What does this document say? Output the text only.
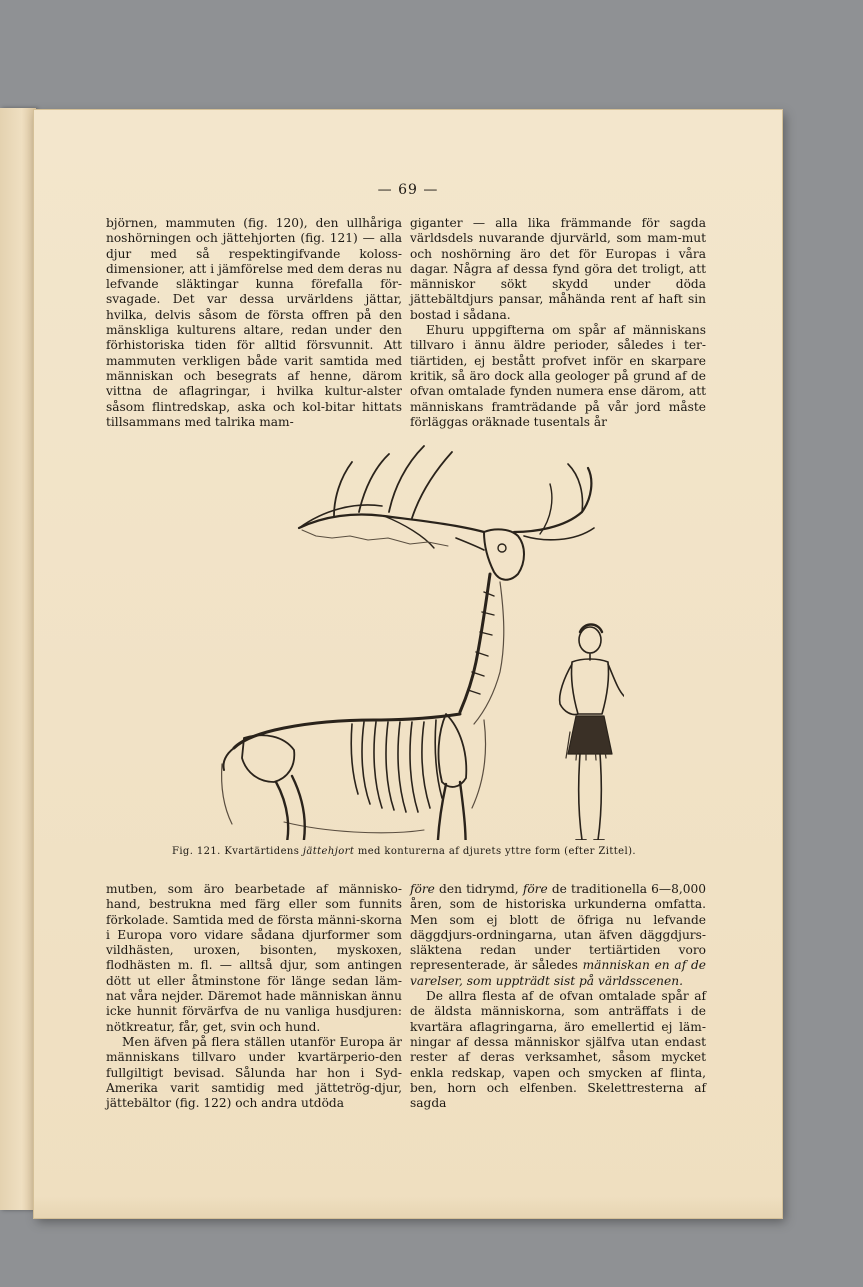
— 69 —

björnen, mammuten (fig. 120), den ullhåriga noshörningen och jättehjorten (fig. 121) — alla djur med så respektingifvande koloss-dimensioner, att i jämförelse med dem deras nu lefvande släktingar kunna förefalla för-svagade. Det var dessa urvärldens jättar, hvilka, delvis såsom de första offren på den mänskliga kulturens altare, redan under den förhistoriska tiden för alltid försvunnit. Att mammuten verkligen både varit samtida med människan och besegrats af henne, därom vittna de aflagringar, i hvilka kultur-alster såsom flintredskap, aska och kol-bitar hittats tillsammans med talrika mam-

giganter — alla lika främmande för sagda världsdels nuvarande djurvärld, som mam-mut och noshörning äro det för Europas i våra dagar. Några af dessa fynd göra det troligt, att människor sökt skydd under döda jättebältdjurs pansar, måhända rent af haft sin bostad i sådana.

Ehuru uppgifterna om spår af människans tillvaro i ännu äldre perioder, således i ter-tiärtiden, ej bestått profvet inför en skarpare kritik, så äro dock alla geologer på grund af de ofvan omtalade fynden numera ense därom, att människans framträdande på vår jord måste förläggas oräknade tusentals år

Fig. 121. Kvartärtidens jättehjort med konturerna af djurets yttre form (efter Zittel).

mutben, som äro bearbetade af människo-hand, bestrukna med färg eller som funnits förkolade. Samtida med de första männi-skorna i Europa voro vidare sådana djurformer som vildhästen, uroxen, bisonten, myskoxen, flodhästen m. fl. — alltså djur, som antingen dött ut eller åtminstone för länge sedan läm-nat våra nejder. Däremot hade människan ännu icke hunnit förvärfva de nu vanliga husdjuren: nötkreatur, får, get, svin och hund.

Men äfven på flera ställen utanför Europa är människans tillvaro under kvartärperio-den fullgiltigt bevisad. Sålunda har hon i Syd-Amerika varit samtidig med jättetrög-djur, jättebältor (fig. 122) och andra utdöda

före den tidrymd, före de traditionella 6—8,000 åren, som de historiska urkunderna omfatta. Men som ej blott de öfriga nu lefvande däggdjurs-ordningarna, utan äfven däggdjurs-släktena redan under tertiärtiden voro representerade, är således människan en af de varelser, som uppträdt sist på världsscenen.

De allra flesta af de ofvan omtalade spår af de äldsta människorna, som anträffats i de kvartära aflagringarna, äro emellertid ej läm-ningar af dessa människor själfva utan endast rester af deras verksamhet, såsom mycket enkla redskap, vapen och smycken af flinta, ben, horn och elfenben. Skelettresterna af sagda
